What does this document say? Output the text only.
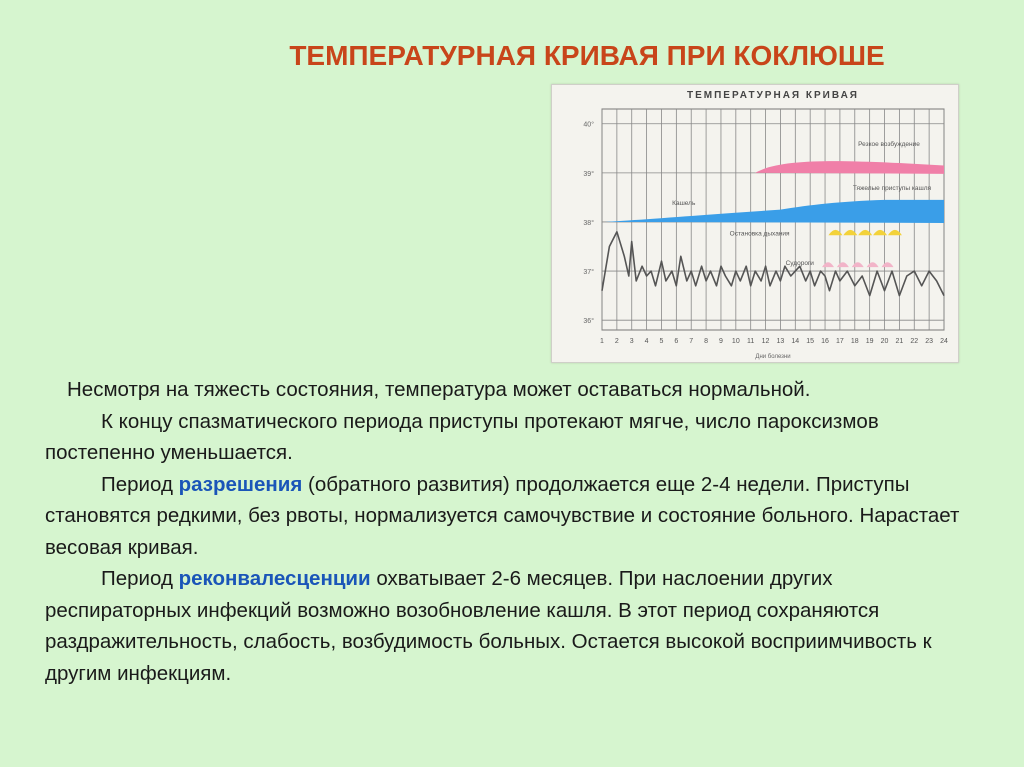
ТЕМПЕРАТУРНАЯ КРИВАЯ ПРИ КОКЛЮШЕ
ТЕМПЕРАТУРНАЯ КРИВАЯ
1 2 3 4 5 6 7 8 9 10 11 12 13 14 15 16 17 18 19 20 21 22 23 24
36°
37°
38°
39°
40°
Дни болезни
Резкое возбуждение
Кашель
Тяжелые приступы кашля
Остановка дыхания
Судороги

Несмотря на тяжесть состояния, температура может оставаться нормальной.

К концу спазматического периода приступы протекают мягче, число пароксизмов постепенно уменьшается.

Период разрешения (обратного развития) продолжается еще 2-4 недели. Приступы становятся редкими, без рвоты, нормализуется самочувствие и состояние больного. Нарастает весовая кривая.

Период реконвалесценции охватывает 2-6 месяцев. При наслоении других респираторных инфекций возможно возобновление кашля. В этот период сохраняются раздражительность, слабость, возбудимость больных. Остается высокой восприимчивость к другим инфекциям.
